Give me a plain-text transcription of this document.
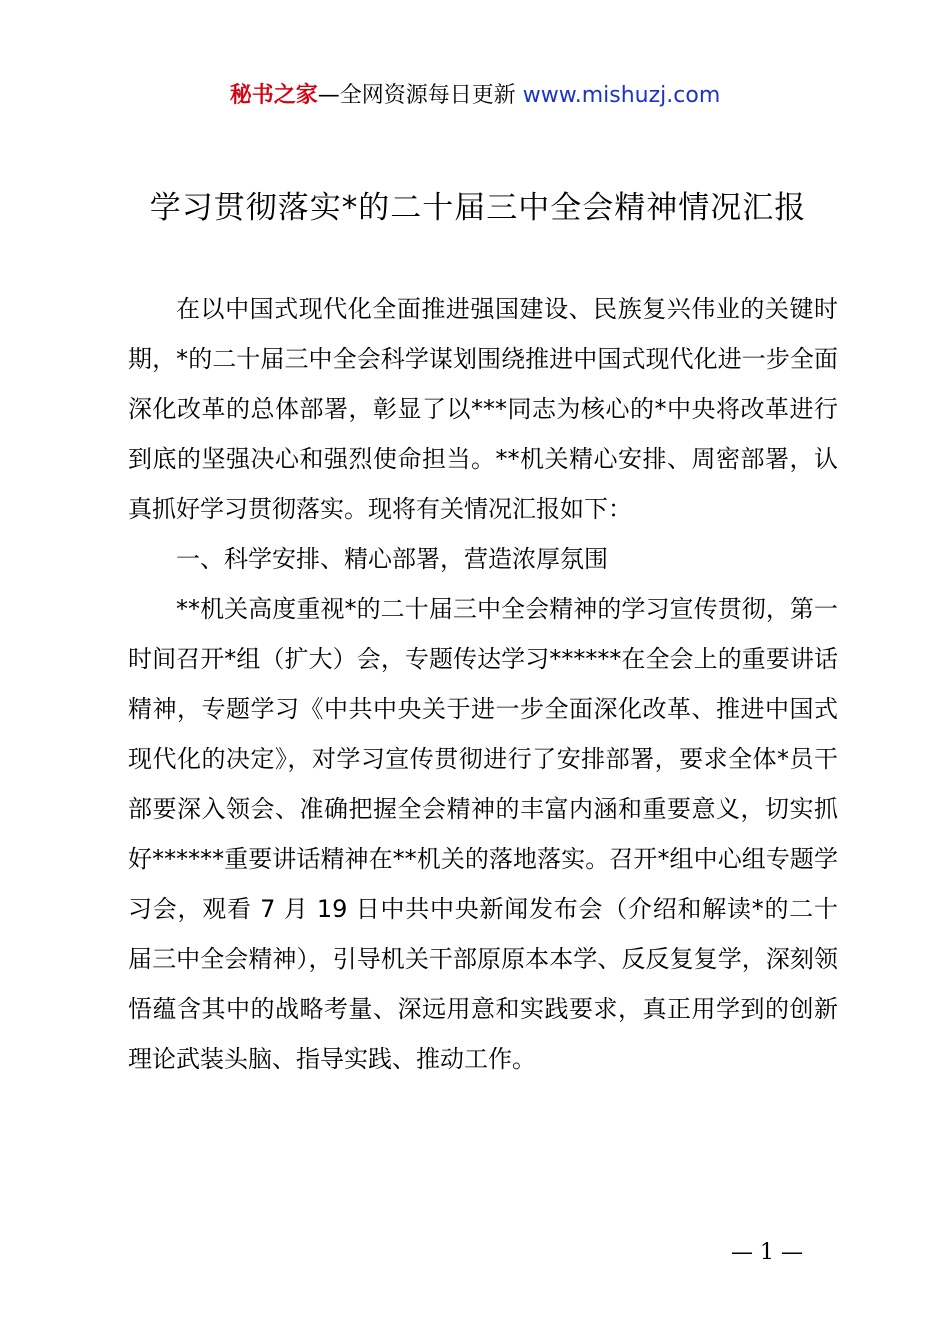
秘书之家—全网资源每日更新 www.mishuzj.com
学习贯彻落实*的二十届三中全会精神情况汇报

在以中国式现代化全面推进强国建设、民族复兴伟业的关键时期，*的二十届三中全会科学谋划围绕推进中国式现代化进一步全面深化改革的总体部署，彰显了以***同志为核心的*中央将改革进行到底的坚强决心和强烈使命担当。**机关精心安排、周密部署，认真抓好学习贯彻落实。现将有关情况汇报如下：

一、科学安排、精心部署，营造浓厚氛围

**机关高度重视*的二十届三中全会精神的学习宣传贯彻，第一时间召开*组（扩大）会，专题传达学习******在全会上的重要讲话精神，专题学习《中共中央关于进一步全面深化改革、推进中国式现代化的决定》，对学习宣传贯彻进行了安排部署，要求全体*员干部要深入领会、准确把握全会精神的丰富内涵和重要意义，切实抓好******重要讲话精神在**机关的落地落实。召开*组中心组专题学习会，观看 7 月 19 日中共中央新闻发布会（介绍和解读*的二十届三中全会精神），引导机关干部原原本本学、反反复复学，深刻领悟蕴含其中的战略考量、深远用意和实践要求，真正用学到的创新理论武装头脑、指导实践、推动工作。

— 1 —
